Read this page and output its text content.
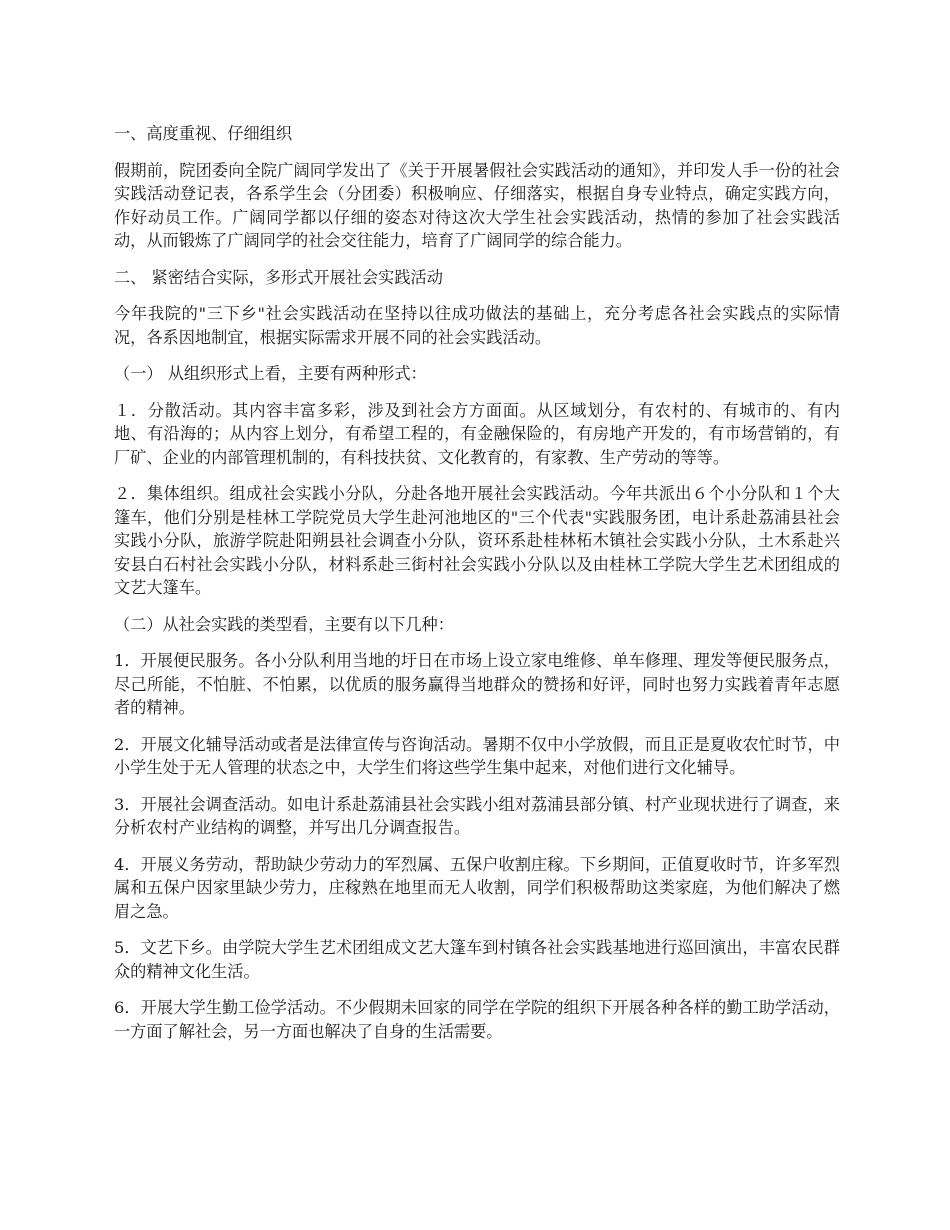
一、高度重视、仔细组织
假期前，院团委向全院广阔同学发出了《关于开展暑假社会实践活动的通知》，并印发人手一份的社会实践活动登记表，各系学生会（分团委）积极响应、仔细落实，根据自身专业特点，确定实践方向，作好动员工作。广阔同学都以仔细的姿态对待这次大学生社会实践活动，热情的参加了社会实践活动，从而锻炼了广阔同学的社会交往能力，培育了广阔同学的综合能力。
二、 紧密结合实际，多形式开展社会实践活动
今年我院的"三下乡"社会实践活动在坚持以往成功做法的基础上，充分考虑各社会实践点的实际情况，各系因地制宜，根据实际需求开展不同的社会实践活动。
（一） 从组织形式上看，主要有两种形式：
１．分散活动。其内容丰富多彩，涉及到社会方方面面。从区域划分，有农村的、有城市的、有内地、有沿海的；从内容上划分，有希望工程的，有金融保险的，有房地产开发的，有市场营销的，有厂矿、企业的内部管理机制的，有科技扶贫、文化教育的，有家教、生产劳动的等等。
２．集体组织。组成社会实践小分队，分赴各地开展社会实践活动。今年共派出６个小分队和１个大篷车，他们分别是桂林工学院党员大学生赴河池地区的"三个代表"实践服务团，电计系赴荔浦县社会实践小分队，旅游学院赴阳朔县社会调查小分队，资环系赴桂林柘木镇社会实践小分队，土木系赴兴安县白石村社会实践小分队，材料系赴三街村社会实践小分队以及由桂林工学院大学生艺术团组成的文艺大篷车。
（二）从社会实践的类型看，主要有以下几种：
1．开展便民服务。各小分队利用当地的圩日在市场上设立家电维修、单车修理、理发等便民服务点，尽己所能，不怕脏、不怕累，以优质的服务赢得当地群众的赞扬和好评，同时也努力实践着青年志愿者的精神。
2．开展文化辅导活动或者是法律宣传与咨询活动。暑期不仅中小学放假，而且正是夏收农忙时节，中小学生处于无人管理的状态之中，大学生们将这些学生集中起来，对他们进行文化辅导。
3．开展社会调查活动。如电计系赴荔浦县社会实践小组对荔浦县部分镇、村产业现状进行了调查，来分析农村产业结构的调整，并写出几分调查报告。
4．开展义务劳动，帮助缺少劳动力的军烈属、五保户收割庄稼。下乡期间，正值夏收时节，许多军烈属和五保户因家里缺少劳力，庄稼熟在地里而无人收割，同学们积极帮助这类家庭，为他们解决了燃眉之急。
5．文艺下乡。由学院大学生艺术团组成文艺大篷车到村镇各社会实践基地进行巡回演出，丰富农民群众的精神文化生活。
6．开展大学生勤工俭学活动。不少假期未回家的同学在学院的组织下开展各种各样的勤工助学活动，一方面了解社会，另一方面也解决了自身的生活需要。
